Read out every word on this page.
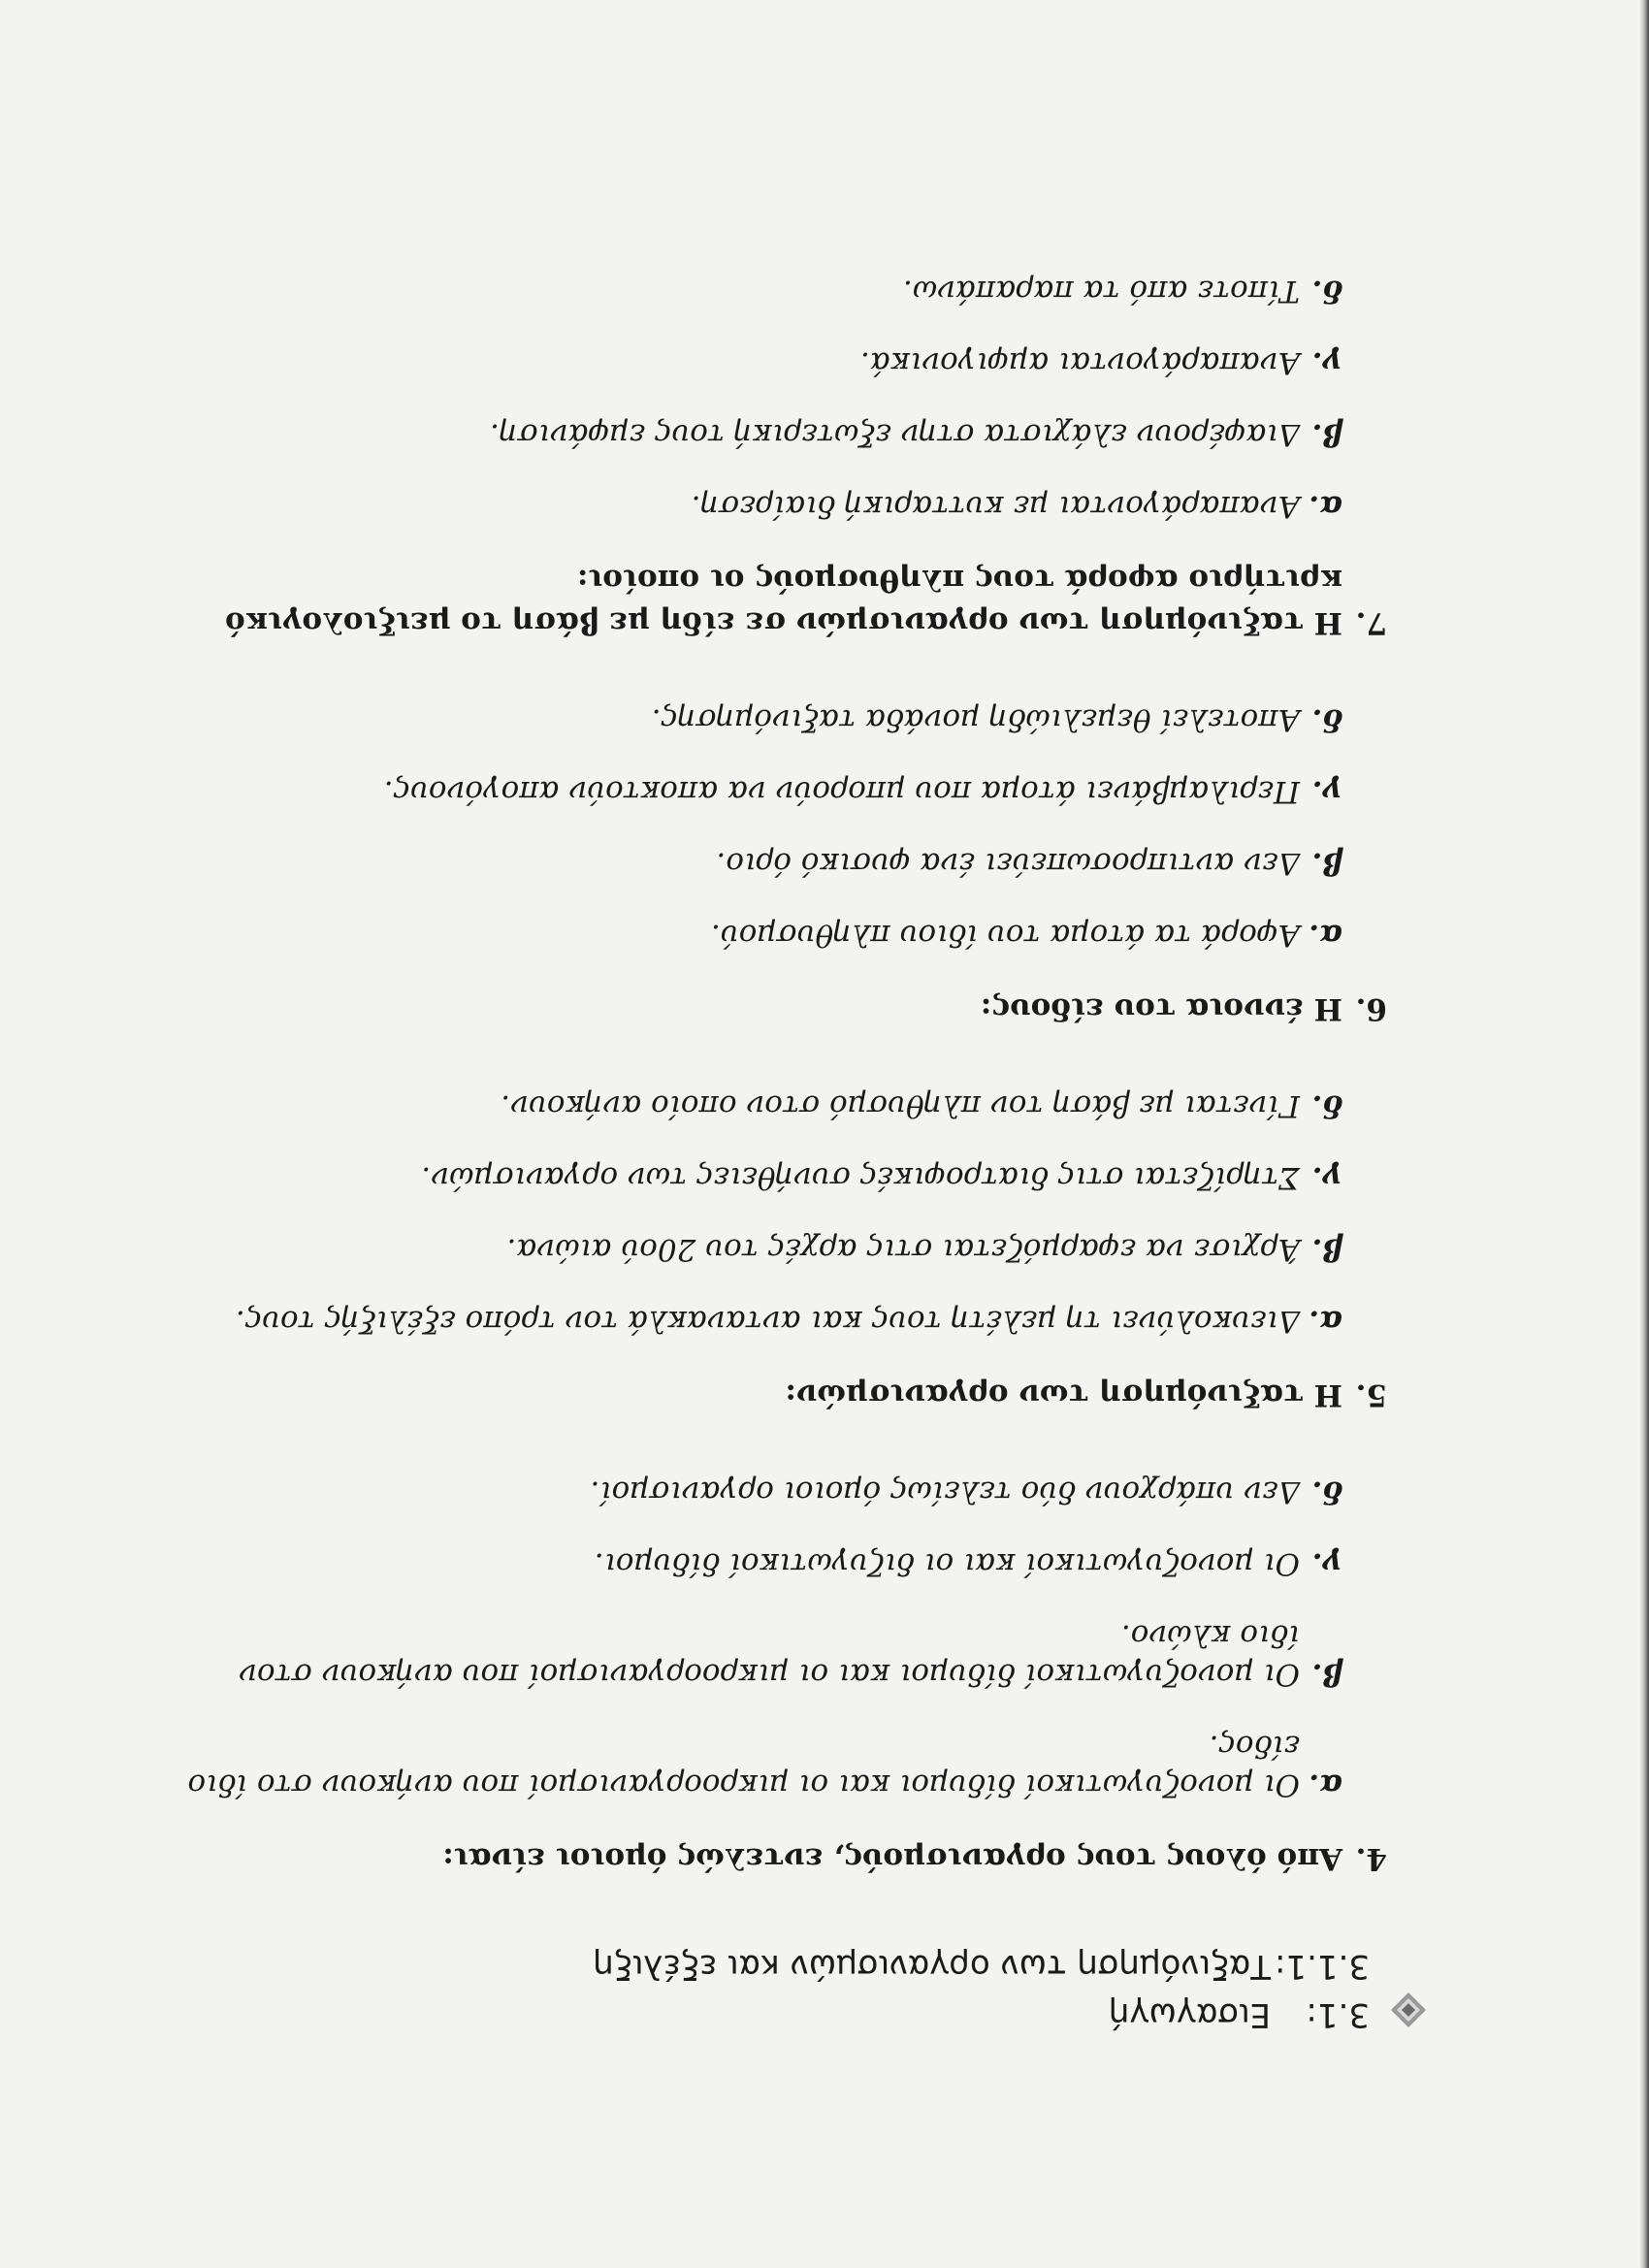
3.1:
Εισαγωγή
3.1.1:
Ταξινόμηση των οργανισμών και εξέλιξη
4.
Από όλους τους οργανισμούς, εντελώς όμοιοι είναι:
α.
Οι μονοζυγωτικοί δίδυμοι και οι μικροοργανισμοί που ανήκουν στο ίδιο είδος.
β.
Οι μονοζυγωτικοί δίδυμοι και οι μικροοργανισμοί που ανήκουν στον ίδιο κλώνο.
γ.
Οι μονοζυγωτικοί και οι διζυγωτικοί δίδυμοι.
δ.
Δεν υπάρχουν δύο τελείως όμοιοι οργανισμοί.
5.
Η ταξινόμηση των οργανισμών:
α.
Διευκολύνει τη μελέτη τους και αντανακλά τον τρόπο εξέλιξής τους.
β.
Άρχισε να εφαρμόζεται στις αρχές του 20ού αιώνα.
γ.
Στηρίζεται στις διατροφικές συνήθειες των οργανισμών.
δ.
Γίνεται με βάση τον πληθυσμό στον οποίο ανήκουν.
6.
Η έννοια του είδους:
α.
Αφορά τα άτομα του ίδιου πληθυσμού.
β.
Δεν αντιπροσωπεύει ένα φυσικό όριο.
γ.
Περιλαμβάνει άτομα που μπορούν να αποκτούν απογόνους.
δ.
Αποτελεί θεμελιώδη μονάδα ταξινόμησης.
7.
Η ταξινόμηση των οργανισμών σε είδη με βάση το μειξιολογικό κριτήριο αφορά τους πληθυσμούς οι οποίοι:
α.
Αναπαράγονται με κυτταρική διαίρεση.
β.
Διαφέρουν ελάχιστα στην εξωτερική τους εμφάνιση.
γ.
Αναπαράγονται αμφιγονικά.
δ.
Τίποτε από τα παραπάνω.
